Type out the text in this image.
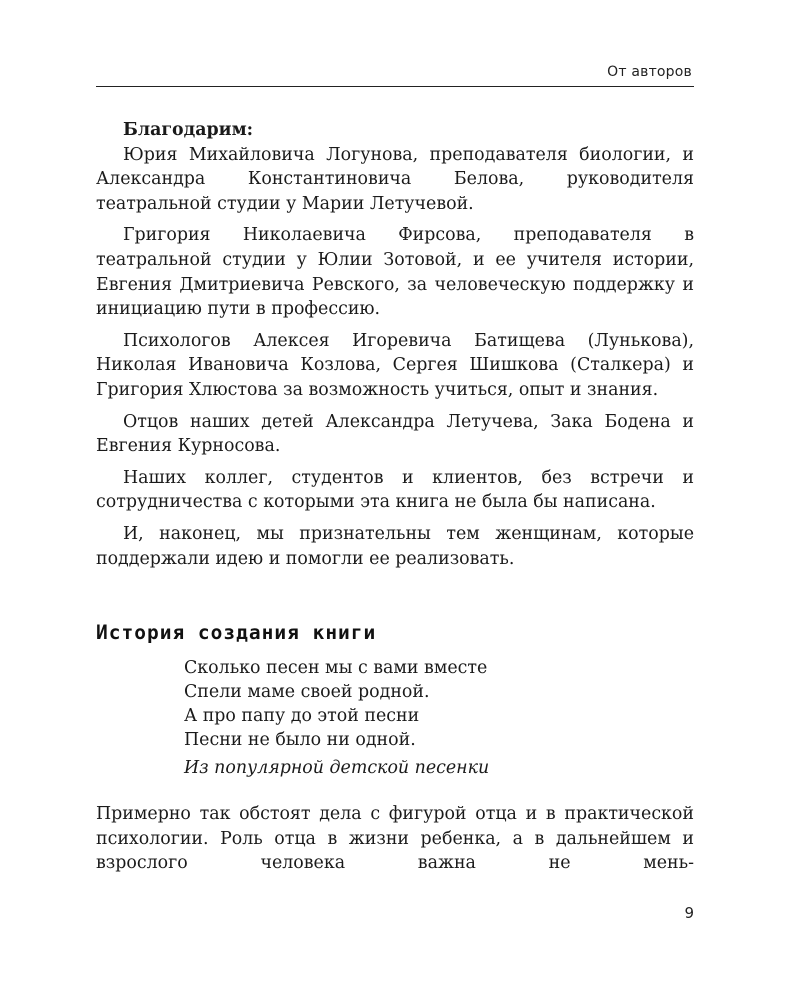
От авторов

Благодарим:

Юрия Михайловича Логунова, преподавателя биологии, и Александра Константиновича Белова, руководителя театральной студии у Марии Летучевой.

Григория Николаевича Фирсова, преподавателя в театральной студии у Юлии Зотовой, и ее учителя истории, Евгения Дмитриевича Ревского, за человеческую поддержку и инициацию пути в профессию.

Психологов Алексея Игоревича Батищева (Луньковa), Николая Ивановича Козлова, Сергея Шишкова (Сталкера) и Григория Хлюстова за возможность учиться, опыт и знания.

Отцов наших детей Александра Летучева, Зака Бодена и Евгения Курносова.

Наших коллег, студентов и клиентов, без встречи и сотрудничества с которыми эта книга не была бы написана.

И, наконец, мы признательны тем женщинам, которые поддержали идею и помогли ее реализовать.

История создания книги
Сколько песен мы с вами вместе
Спели маме своей родной.
А про папу до этой песни
Песни не было ни одной.
Из популярной детской песенки

Примерно так обстоят дела с фигурой отца и в практической психологии. Роль отца в жизни ребенка, а в дальнейшем и взрослого человека важна не мень-

9
